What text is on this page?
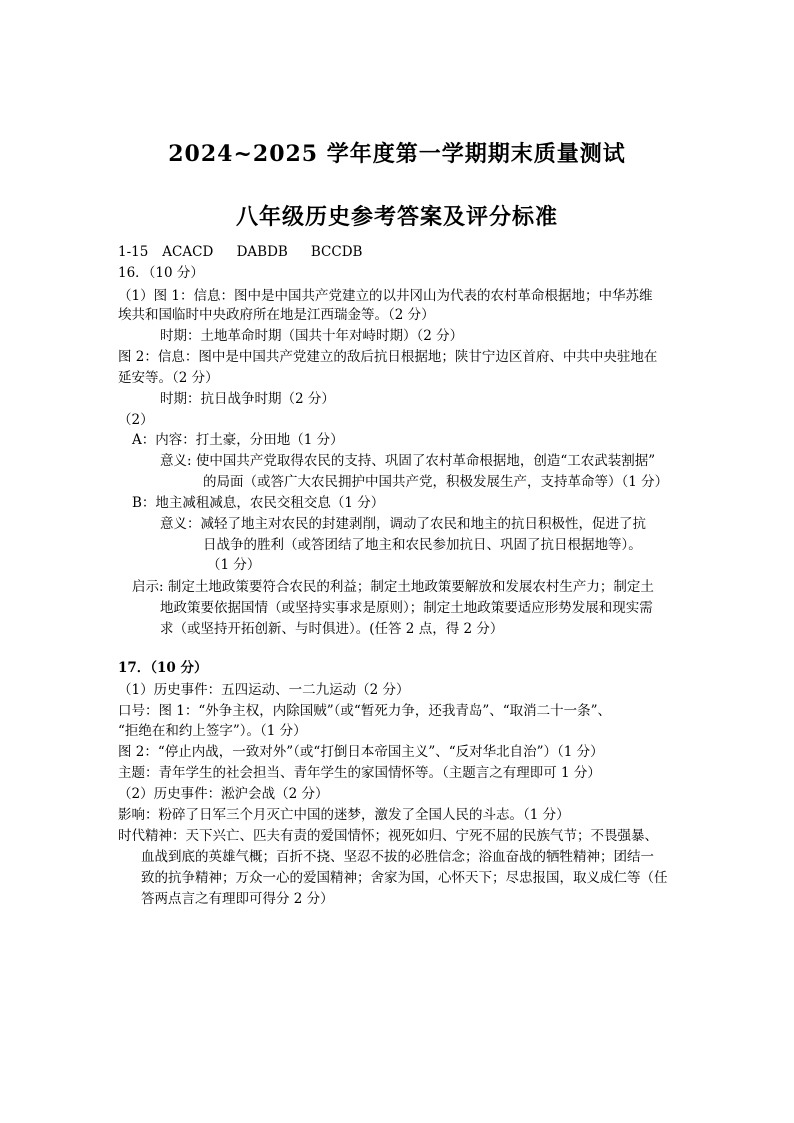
2024~2025 学年度第一学期期末质量测试
八年级历史参考答案及评分标准
1-15 ACACD DABDB BCCDB
16．（10 分）
（1）图 1：信息：图中是中国共产党建立的以井冈山为代表的农村革命根据地；中华苏维
埃共和国临时中央政府所在地是江西瑞金等。（2 分）
时期：土地革命时期（国共十年对峙时期）（2 分）
图 2：信息：图中是中国共产党建立的敌后抗日根据地；陕甘宁边区首府、中共中央驻地在
延安等。（2 分）
时期：抗日战争时期（2 分）
（2）
A：内容：打土豪，分田地（1 分）
意义: 使中国共产党取得农民的支持、巩固了农村革命根据地，创造“工农武装割据”
的局面（或答广大农民拥护中国共产党，积极发展生产，支持革命等）（1 分）
B：地主减租减息，农民交租交息（1 分）
意义：减轻了地主对农民的封建剥削，调动了农民和地主的抗日积极性，促进了抗
日战争的胜利（或答团结了地主和农民参加抗日、巩固了抗日根据地等）。
（1 分）
启示: 制定土地政策要符合农民的利益；制定土地政策要解放和发展农村生产力；制定土
地政策要依据国情（或坚持实事求是原则）；制定土地政策要适应形势发展和现实需
求（或坚持开拓创新、与时俱进）。(任答 2 点，得 2 分）
17．（10 分）
（1）历史事件：五四运动、一二九运动（2 分）
口号：图 1：“外争主权，内除国贼”（或“暂死力争，还我青岛”、“取消二十一条”、
“拒绝在和约上签字”）。（1 分）
图 2：“停止内战，一致对外”（或“打倒日本帝国主义”、“反对华北自治”）（1 分）
主题：青年学生的社会担当、青年学生的家国情怀等。（主题言之有理即可 1 分）
（2）历史事件：淞沪会战（2 分）
影响：粉碎了日军三个月灭亡中国的迷梦，激发了全国人民的斗志。（1 分）
时代精神：天下兴亡、匹夫有责的爱国情怀；视死如归、宁死不屈的民族气节；不畏强暴、
血战到底的英雄气概；百折不挠、坚忍不拔的必胜信念；浴血奋战的牺牲精神；团结一
致的抗争精神；万众一心的爱国精神；舍家为国，心怀天下；尽忠报国，取义成仁等（任
答两点言之有理即可得分 2 分）
